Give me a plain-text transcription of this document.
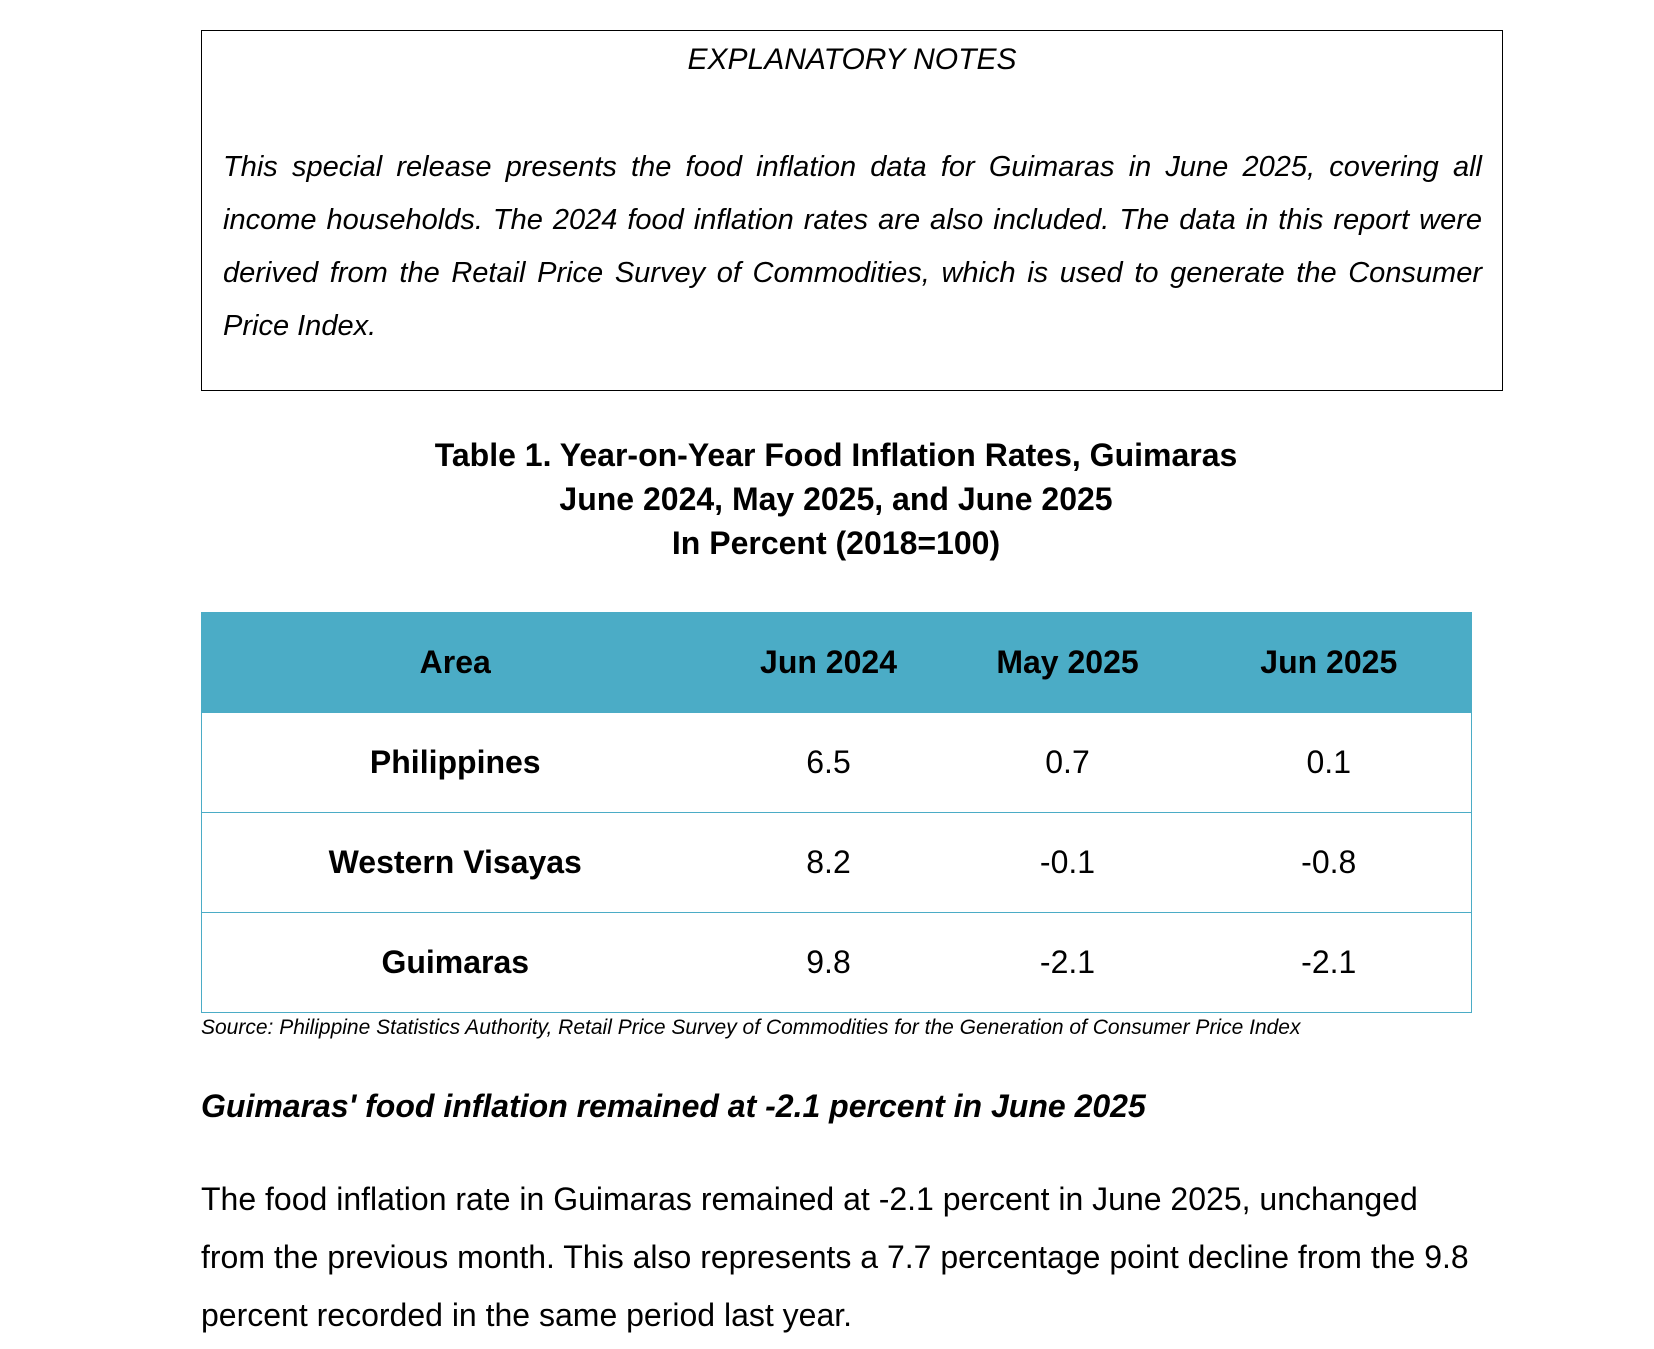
EXPLANATORY NOTES
This special release presents the food inflation data for Guimaras in June 2025, covering all income households. The 2024 food inflation rates are also included. The data in this report were derived from the Retail Price Survey of Commodities, which is used to generate the Consumer Price Index.
Table 1. Year-on-Year Food Inflation Rates, Guimaras
June 2024, May 2025, and June 2025
In Percent (2018=100)
Area	Jun 2024	May 2025	Jun 2025
Philippines	6.5	0.7	0.1
Western Visayas	8.2	-0.1	-0.8
Guimaras	9.8	-2.1	-2.1
Source: Philippine Statistics Authority, Retail Price Survey of Commodities for the Generation of Consumer Price Index
Guimaras' food inflation remained at -2.1 percent in June 2025
The food inflation rate in Guimaras remained at -2.1 percent in June 2025, unchanged from the previous month. This also represents a 7.7 percentage point decline from the 9.8 percent recorded in the same period last year.
